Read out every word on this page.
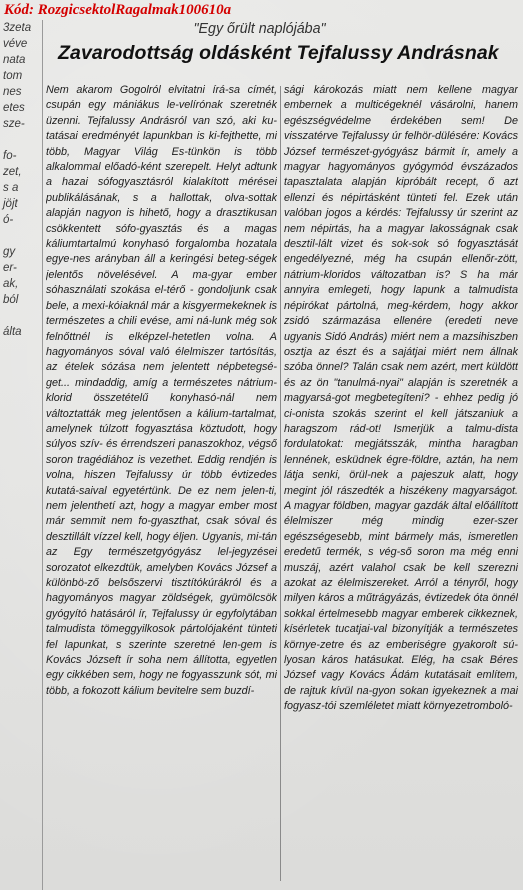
Kód: RozgicsektolRagalmak100610a
3zeta
véve
nata
tom
nes
etes
sze-
fo-
zet,
s a
jöjt
ó-
gy
er-
ak,
ból
álta
"Egy őrült naplójába"
Zavarodottság oldásként Tejfalussy Andrásnak

Nem akarom Gogolról elvitatni írá-sa címét, csupán egy mániákus le-velírónak szeretnék üzenni. Tejfalussy Andrásról van szó, aki ku-tatásai eredményét lapunkban is ki-fejthette, mi több, Magyar Világ Es-tünkön is több alkalommal előadó-ként szerepelt. Helyt adtunk a hazai sófogyasztásról kialakított mérései publikálásának, s a hallottak, olva-sottak alapján nagyon is hihető, hogy a drasztikusan csökkentett sófo-gyasztás és a magas káliumtartalmú konyhasó forgalomba hozatala egye-nes arányban áll a keringési beteg-ségek jelentős növelésével. A ma-gyar ember sóhasználati szokása el-térő - gondoljunk csak bele, a mexi-kóiaknál már a kisgyermekeknek is természetes a chili evése, ami ná-lunk még sok felnőttnél is elképzel-hetetlen volna. A hagyományos sóval való élelmiszer tartósítás, az ételek sózása nem jelentett népbetegsé-get... mindaddig, amíg a természetes nátrium-klorid összetételű konyhasó-nál nem változtatták meg jelentősen a kálium-tartalmat, amelynek túlzott fogyasztása köztudott, hogy súlyos szív- és érrendszeri panaszokhoz, végső soron tragédiához is vezethet. Eddig rendjén is volna, hiszen Tejfalussy úr több évtizedes kutatá-saival egyetértünk. De ez nem jelen-ti, nem jelenthetí azt, hogy a magyar ember most már semmit nem fo-gyaszthat, csak sóval és desztillált vízzel kell, hogy éljen. Ugyanis, mi-tán az Egy természetgyógyász lel-jegyzései sorozatot elkezdtük, amelyben Kovács József a különbö-ző belsőszervi tisztítókúrákról és a hagyományos magyar zöldségek, gyümölcsök gyógyító hatásáról ír, Tejfalussy úr egyfolytában talmudista tömeggyilkosok pártolójaként tünteti fel lapunkat, s szerinte szeretné len-gem is Kovács Józseft ír soha nem állította, egyetlen egy cikkében sem, hogy ne fogyasszunk sót, mi több, a fokozott kálium bevitelre sem buzdí-

sági károkozás miatt nem kellene magyar embernek a multicégeknél vásárolni, hanem egészségvédelme érdekében sem! De visszatérve Tejfalussy úr felhör-dülésére: Kovács József természet-gyógyász bármit ír, amely a magyar hagyományos gyógymód évszázados tapasztalata alapján kipróbált recept, ő azt ellenzi és népirtásként tünteti fel. Ezek után valóban jogos a kérdés: Tejfalussy úr szerint az nem népirtás, ha a magyar lakosságnak csak desztil-lált vizet és sok-sok só fogyasztását engedélyezné, még ha csupán ellenőr-zött, nátrium-kloridos változatban is? S ha már annyira emlegeti, hogy lapunk a talmudista népirókat pártolná, meg-kérdem, hogy akkor zsidó származása ellenére (eredeti neve ugyanis Sidó András) miért nem a mazsihiszben osztja az észt és a sajátjai miért nem állnak szóba önnel? Talán csak nem azért, mert küldött és az ön "tanulmá-nyai" alapján is szeretnék a magyarsá-got megbetegíteni? - ehhez pedig jó ci-onista szokás szerint el kell játszaniuk a haragszom rád-ot! Ismerjük a talmu-dista fordulatokat: megjátsszák, mintha haragban lennének, esküdnek égre-földre, aztán, ha nem látja senki, örül-nek a pajeszuk alatt, hogy megint jól rászedték a hiszékeny magyarságot. A magyar földben, magyar gazdák által előállított élelmiszer még mindig ezer-szer egészségesebb, mint bármely más, ismeretlen eredetű termék, s vég-ső soron ma még enni muszáj, azért valahol csak be kell szerezni azokat az élelmiszereket. Arról a tényről, hogy milyen káros a műtrágyázás, évtizedek óta önnél sokkal értelmesebb magyar emberek cikkeznek, kísérletek tucatjai-val bizonyítják a természetes környe-zetre és az emberiségre gyakorolt sú-lyosan káros hatásukat. Elég, ha csak Béres József vagy Kovács Ádám kutatásait említem, de rajtuk kívül na-gyon sokan igyekeznek a mai fogyasz-tói szemléletet miatt környezetromboló-
